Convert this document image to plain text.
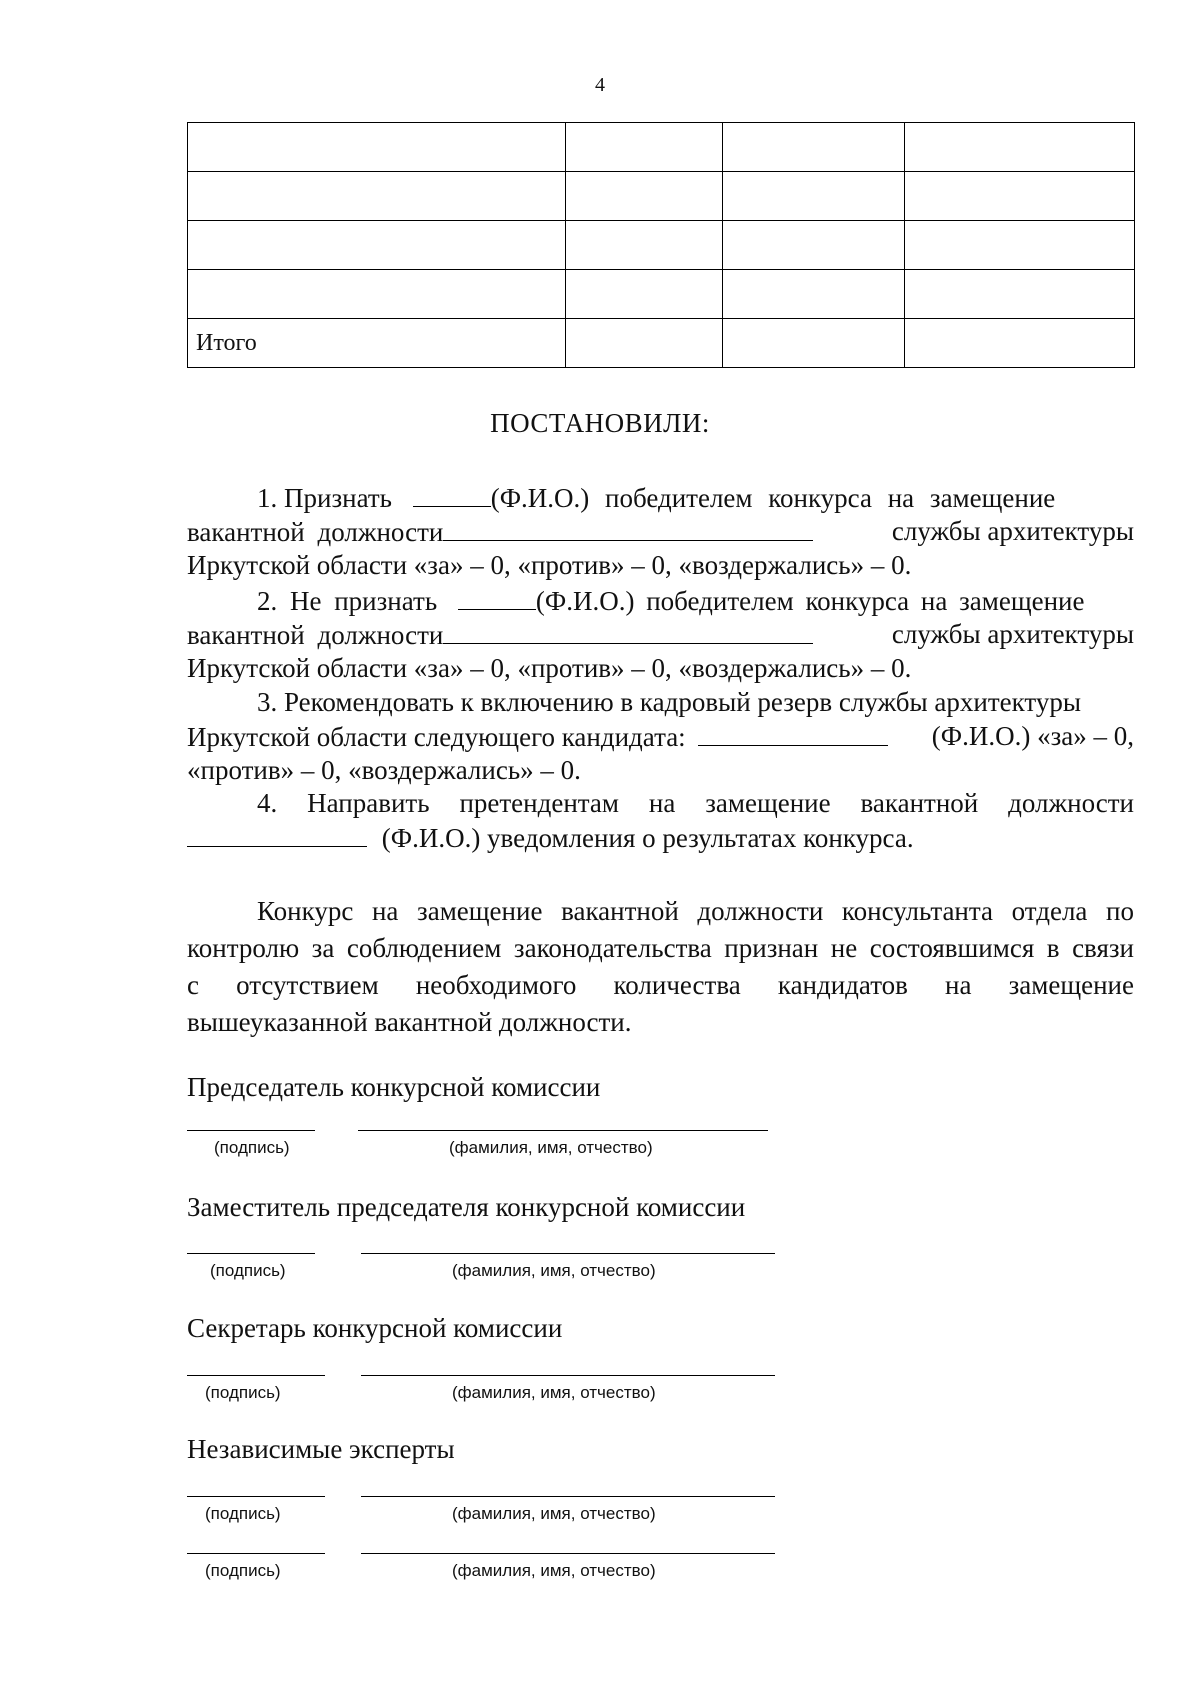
4

Итого			
ПОСТАНОВИЛИ:
1. Признать	(Ф.И.О.) победителем конкурса на замещение
вакантной должности	службы архитектуры
Иркутской области «за» – 0, «против» – 0, «воздержались» – 0.
2. Не признать	(Ф.И.О.) победителем конкурса на замещение
вакантной должности	службы архитектуры
Иркутской области «за» – 0, «против» – 0, «воздержались» – 0.
3. Рекомендовать к включению в кадровый резерв службы архитектуры
Иркутской области следующего кандидата:	(Ф.И.О.) «за» – 0,
«против» – 0, «воздержались» – 0.
4. Направить претендентам на замещение вакантной должности
(Ф.И.О.) уведомления о результатах конкурса.
Конкурс на замещение вакантной должности консультанта отдела по
контролю за соблюдением законодательства признан не состоявшимся в связи
с отсутствием необходимого количества кандидатов на замещение
вышеуказанной вакантной должности.
Председатель конкурсной комиссии
(подпись)	(фамилия, имя, отчество)
Заместитель председателя конкурсной комиссии
(подпись)	(фамилия, имя, отчество)
Секретарь конкурсной комиссии
(подпись)	(фамилия, имя, отчество)
Независимые эксперты
(подпись)	(фамилия, имя, отчество)
(подпись)	(фамилия, имя, отчество)
